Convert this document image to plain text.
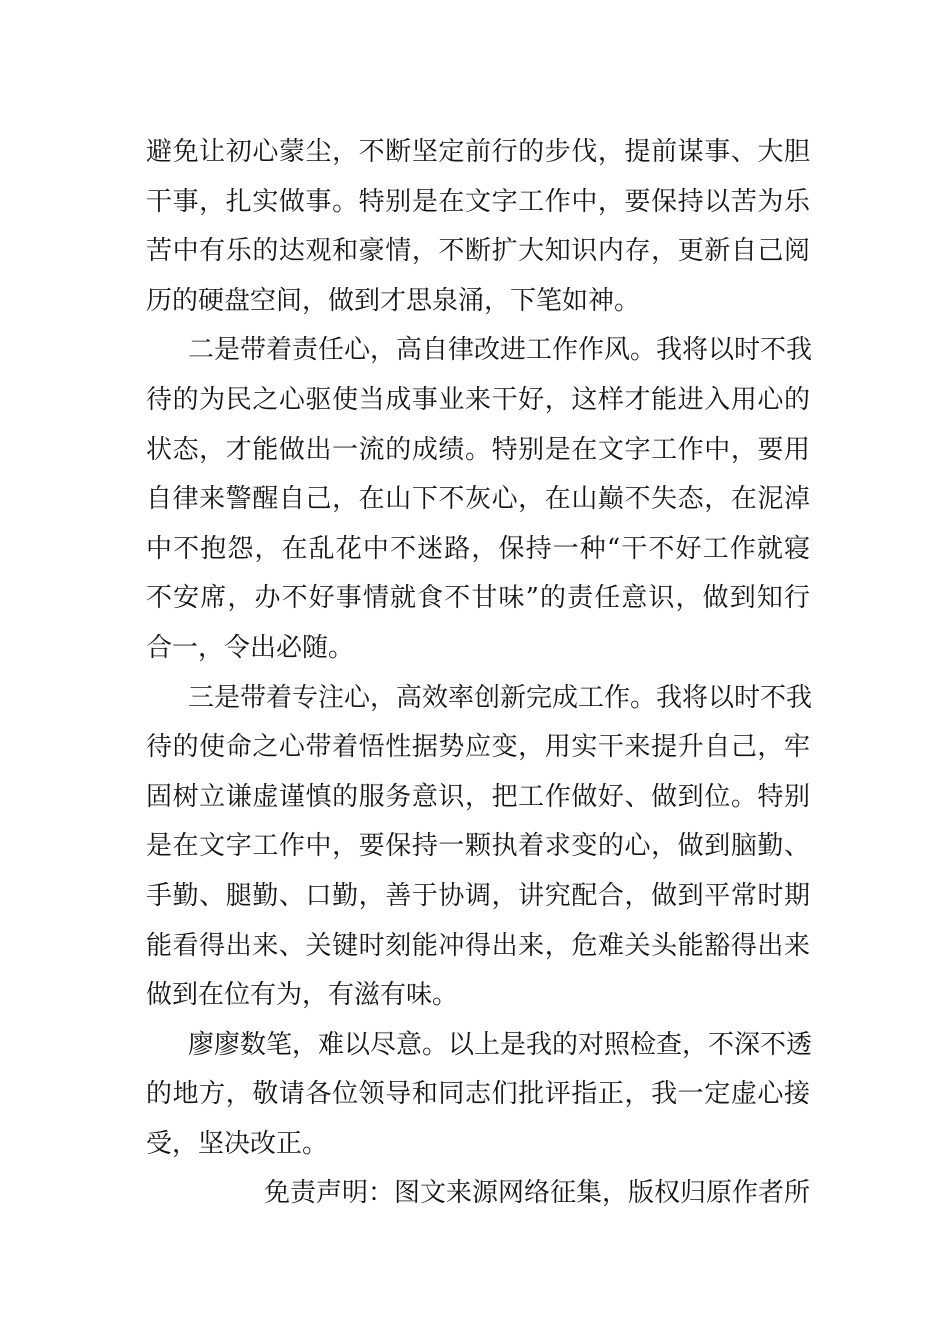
避免让初心蒙尘，不断坚定前行的步伐，提前谋事、大胆
干事，扎实做事。特别是在文字工作中，要保持以苦为乐
苦中有乐的达观和豪情，不断扩大知识内存，更新自己阅
历的硬盘空间，做到才思泉涌，下笔如神。
二是带着责任心，高自律改进工作作风。我将以时不我
待的为民之心驱使当成事业来干好，这样才能进入用心的
状态，才能做出一流的成绩。特别是在文字工作中，要用
自律来警醒自己，在山下不灰心，在山巅不失态，在泥淖
中不抱怨，在乱花中不迷路，保持一种“干不好工作就寝
不安席，办不好事情就食不甘味”的责任意识，做到知行
合一，令出必随。
三是带着专注心，高效率创新完成工作。我将以时不我
待的使命之心带着悟性据势应变，用实干来提升自己，牢
固树立谦虚谨慎的服务意识，把工作做好、做到位。特别
是在文字工作中，要保持一颗执着求变的心，做到脑勤、
手勤、腿勤、口勤，善于协调，讲究配合，做到平常时期
能看得出来、关键时刻能冲得出来，危难关头能豁得出来
做到在位有为，有滋有味。
廖廖数笔，难以尽意。以上是我的对照检查，不深不透
的地方，敬请各位领导和同志们批评指正，我一定虚心接
受，坚决改正。
免责声明：图文来源网络征集，版权归原作者所
